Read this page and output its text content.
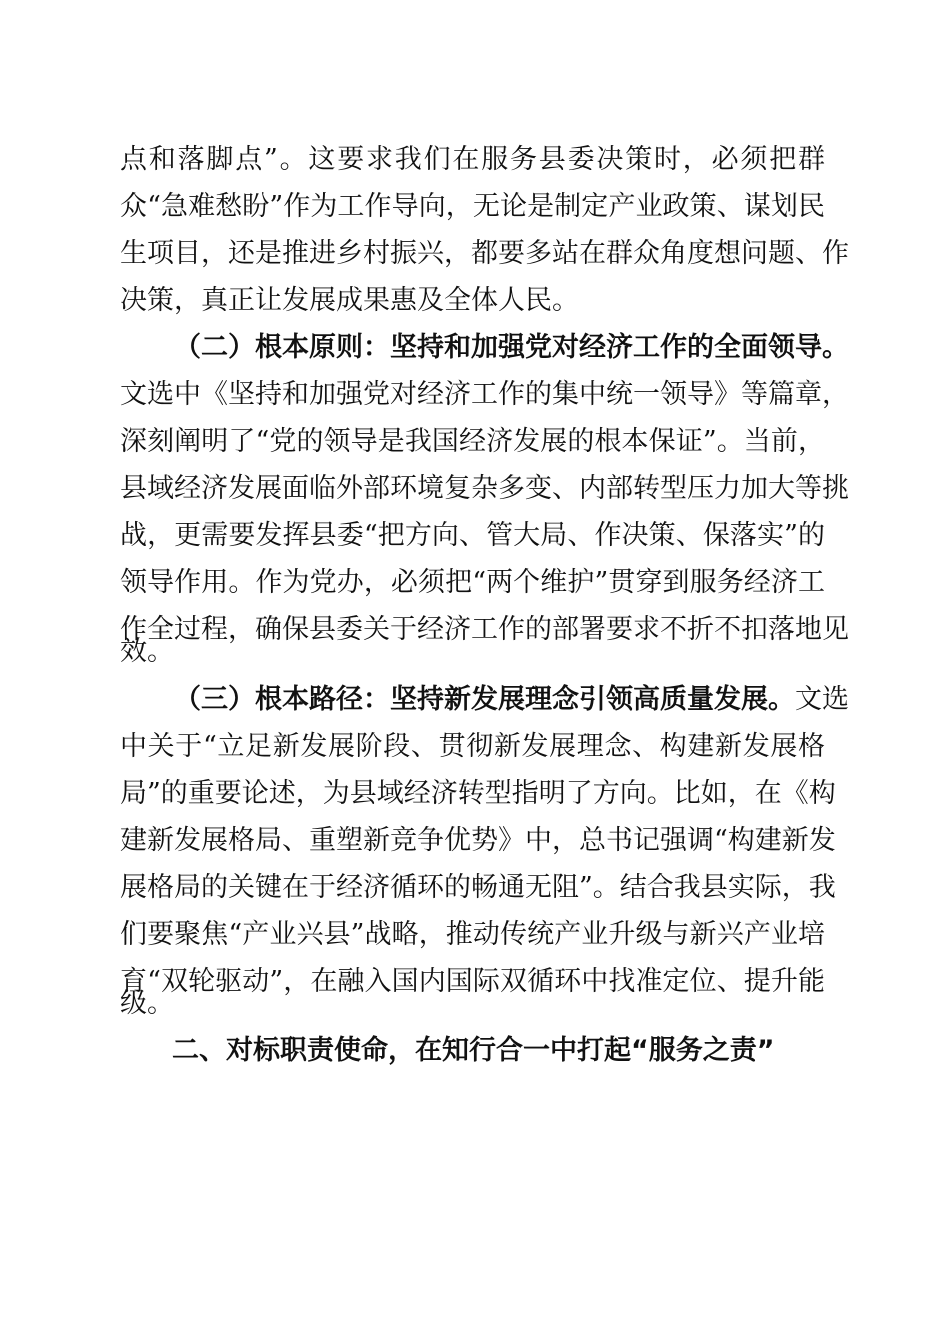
点和落脚点”。这要求我们在服务县委决策时，必须把群
众“急难愁盼”作为工作导向，无论是制定产业政策、谋划民
生项目，还是推进乡村振兴，都要多站在群众角度想问题、作
决策，真正让发展成果惠及全体人民。
（二）根本原则：坚持和加强党对经济工作的全面领导。
文选中《坚持和加强党对经济工作的集中统一领导》等篇章，
深刻阐明了“党的领导是我国经济发展的根本保证”。当前，
县域经济发展面临外部环境复杂多变、内部转型压力加大等挑
战，更需要发挥县委“把方向、管大局、作决策、保落实”的
领导作用。作为党办，必须把“两个维护”贯穿到服务经济工
作全过程，确保县委关于经济工作的部署要求不折不扣落地见
效。
（三）根本路径：坚持新发展理念引领高质量发展。文选
中关于“立足新发展阶段、贯彻新发展理念、构建新发展格
局”的重要论述，为县域经济转型指明了方向。比如，在《构
建新发展格局、重塑新竞争优势》中，总书记强调“构建新发
展格局的关键在于经济循环的畅通无阻”。结合我县实际，我
们要聚焦“产业兴县”战略，推动传统产业升级与新兴产业培
育“双轮驱动”，在融入国内国际双循环中找准定位、提升能
级。
二、对标职责使命，在知行合一中打起“服务之责”
